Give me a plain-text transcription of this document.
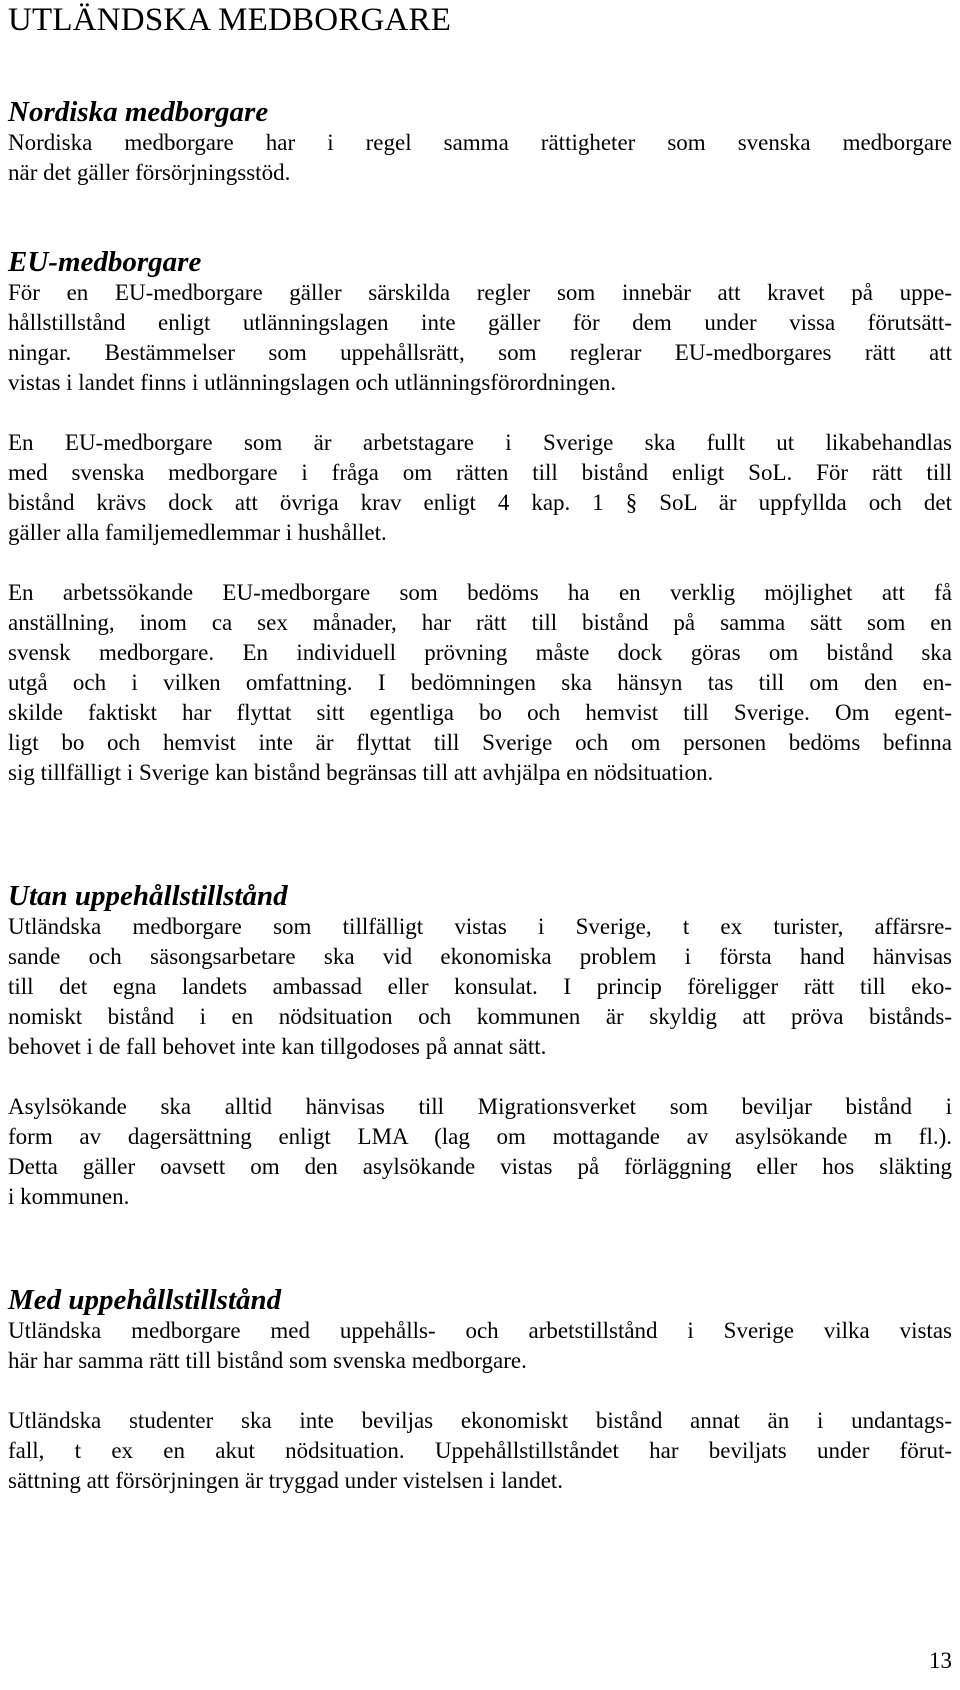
UTLÄNDSKA MEDBORGARE
Nordiska medborgare

Nordiska medborgare har i regel samma rättigheter som svenska medborgare
när det gäller försörjningsstöd.

EU-medborgare

För en EU-medborgare gäller särskilda regler som innebär att kravet på uppe-
hållstillstånd enligt utlänningslagen inte gäller för dem under vissa förutsätt-
ningar. Bestämmelser som uppehållsrätt, som reglerar EU-medborgares rätt att
vistas i landet finns i utlänningslagen och utlänningsförordningen.

En EU-medborgare som är arbetstagare i Sverige ska fullt ut likabehandlas
med svenska medborgare i fråga om rätten till bistånd enligt SoL. För rätt till
bistånd krävs dock att övriga krav enligt 4 kap. 1 § SoL är uppfyllda och det
gäller alla familjemedlemmar i hushållet.

En arbetssökande EU-medborgare som bedöms ha en verklig möjlighet att få
anställning, inom ca sex månader, har rätt till bistånd på samma sätt som en
svensk medborgare. En individuell prövning måste dock göras om bistånd ska
utgå och i vilken omfattning. I bedömningen ska hänsyn tas till om den en-
skilde faktiskt har flyttat sitt egentliga bo och hemvist till Sverige. Om egent-
ligt bo och hemvist inte är flyttat till Sverige och om personen bedöms befinna
sig tillfälligt i Sverige kan bistånd begränsas till att avhjälpa en nödsituation.

Utan uppehållstillstånd

Utländska medborgare som tillfälligt vistas i Sverige, t ex turister, affärsre-
sande och säsongsarbetare ska vid ekonomiska problem i första hand hänvisas
till det egna landets ambassad eller konsulat. I princip föreligger rätt till eko-
nomiskt bistånd i en nödsituation och kommunen är skyldig att pröva bistånds-
behovet i de fall behovet inte kan tillgodoses på annat sätt.

Asylsökande ska alltid hänvisas till Migrationsverket som beviljar bistånd i
form av dagersättning enligt LMA (lag om mottagande av asylsökande m fl.).
Detta gäller oavsett om den asylsökande vistas på förläggning eller hos släkting
i kommunen.

Med uppehållstillstånd

Utländska medborgare med uppehålls- och arbetstillstånd i Sverige vilka vistas
här har samma rätt till bistånd som svenska medborgare.

Utländska studenter ska inte beviljas ekonomiskt bistånd annat än i undantags-
fall, t ex en akut nödsituation. Uppehållstillståndet har beviljats under förut-
sättning att försörjningen är tryggad under vistelsen i landet.

13
